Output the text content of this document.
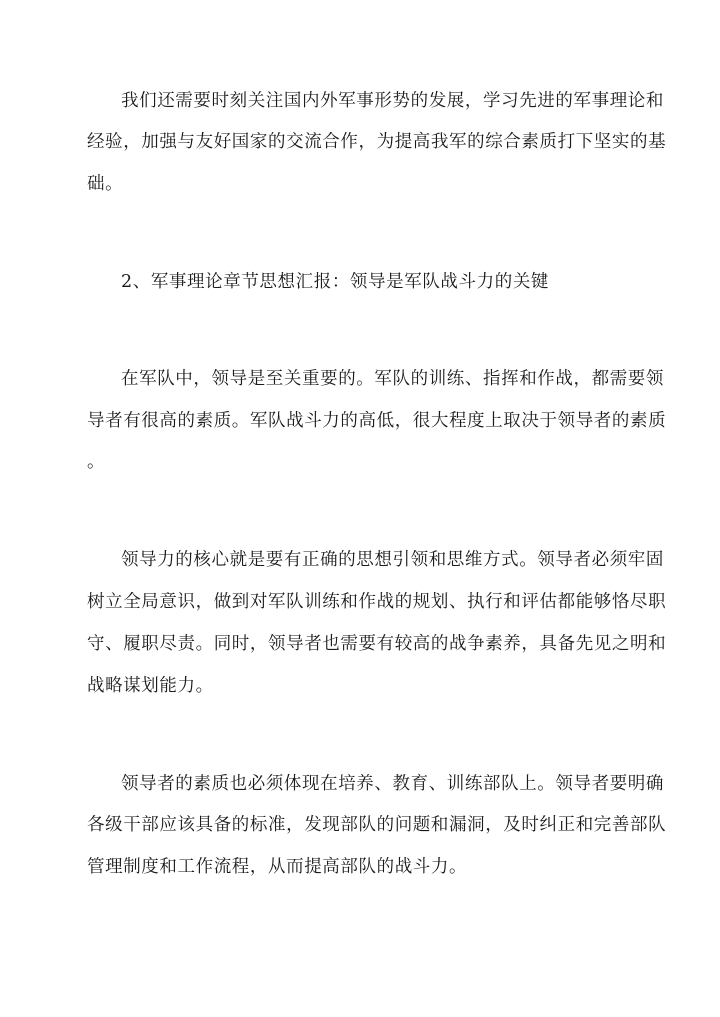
我们还需要时刻关注国内外军事形势的发展，学习先进的军事理论和

经验，加强与友好国家的交流合作，为提高我军的综合素质打下坚实的基

础。

2、军事理论章节思想汇报：领导是军队战斗力的关键

在军队中，领导是至关重要的。军队的训练、指挥和作战，都需要领

导者有很高的素质。军队战斗力的高低，很大程度上取决于领导者的素质

。

领导力的核心就是要有正确的思想引领和思维方式。领导者必须牢固

树立全局意识，做到对军队训练和作战的规划、执行和评估都能够恪尽职

守、履职尽责。同时，领导者也需要有较高的战争素养，具备先见之明和

战略谋划能力。

领导者的素质也必须体现在培养、教育、训练部队上。领导者要明确

各级干部应该具备的标准，发现部队的问题和漏洞，及时纠正和完善部队

管理制度和工作流程，从而提高部队的战斗力。
